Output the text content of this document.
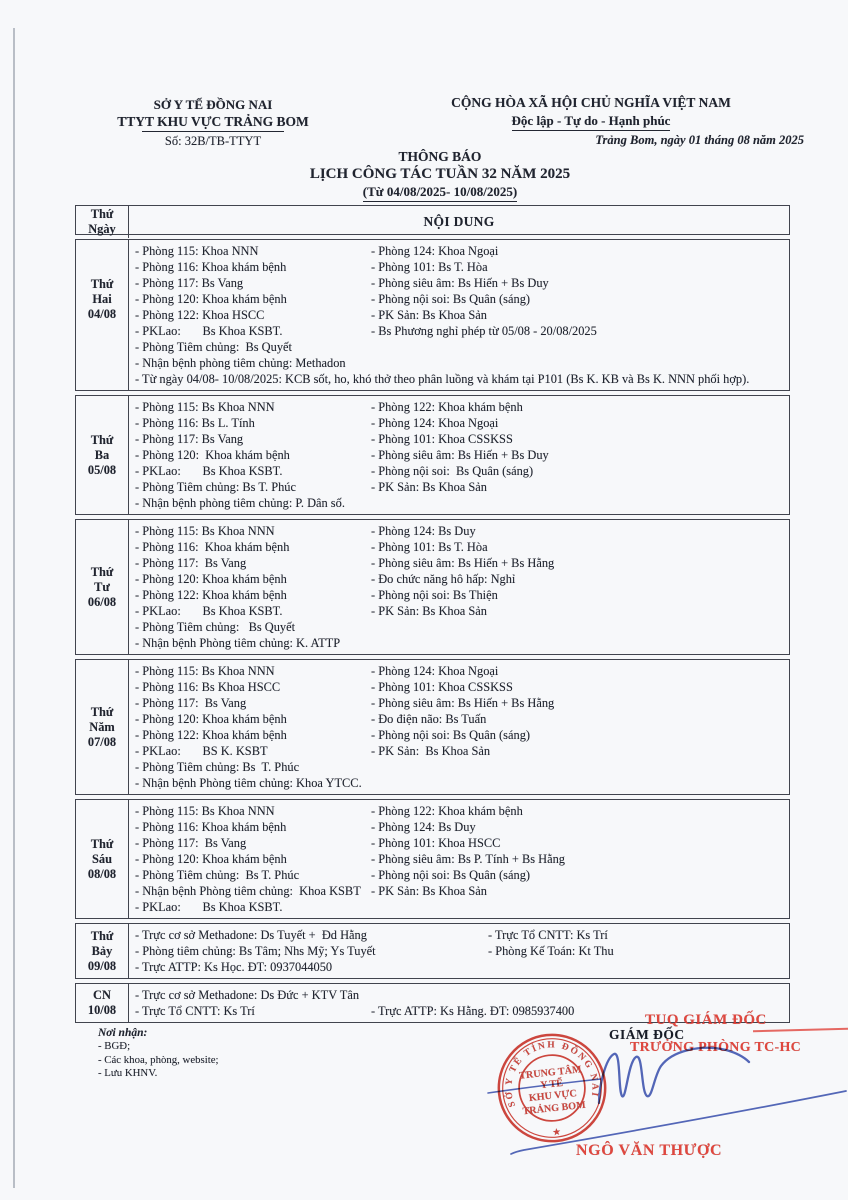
SỞ Y TẾ ĐỒNG NAI
TTYT KHU VỰC TRẢNG BOM
Số: 32B/TB-TTYT
CỘNG HÒA XÃ HỘI CHỦ NGHĨA VIỆT NAM
Độc lập - Tự do - Hạnh phúc
Trảng Bom, ngày 01 tháng 08 năm 2025
THÔNG BÁO
LỊCH CÔNG TÁC TUẦN 32 NĂM 2025
(Từ 04/08/2025- 10/08/2025)
Thứ
Ngày	NỘI DUNG
Thứ
Hai
04/08
- Phòng 115: Khoa NNN
- Phòng 116: Khoa khám bệnh
- Phòng 117: Bs Vang
- Phòng 120: Khoa khám bệnh
- Phòng 122: Khoa HSCC
- PKLao:       Bs Khoa KSBT.
- Phòng Tiêm chủng:  Bs Quyết
- Phòng 124: Khoa Ngoại
- Phòng 101: Bs T. Hòa
- Phòng siêu âm: Bs Hiến + Bs Duy
- Phòng nội soi: Bs Quân (sáng)
- PK Sản: Bs Khoa Sản
- Bs Phương nghỉ phép từ 05/08 - 20/08/2025
- Nhận bệnh phòng tiêm chủng: Methadon
- Từ ngày 04/08- 10/08/2025: KCB sốt, ho, khó thở theo phân luồng và khám tại P101 (Bs K. KB và Bs K. NNN phối hợp).
Thứ
Ba
05/08
- Phòng 115: Bs Khoa NNN
- Phòng 116: Bs L. Tính
- Phòng 117: Bs Vang
- Phòng 120:  Khoa khám bệnh
- PKLao:       Bs Khoa KSBT.
- Phòng Tiêm chủng: Bs T. Phúc
- Nhận bệnh phòng tiêm chủng: P. Dân số.
- Phòng 122: Khoa khám bệnh
- Phòng 124: Khoa Ngoại
- Phòng 101: Khoa CSSKSS
- Phòng siêu âm: Bs Hiến + Bs Duy
- Phòng nội soi:  Bs Quân (sáng)
- PK Sản: Bs Khoa Sản
Thứ
Tư
06/08
- Phòng 115: Bs Khoa NNN
- Phòng 116:  Khoa khám bệnh
- Phòng 117:  Bs Vang
- Phòng 120: Khoa khám bệnh
- Phòng 122: Khoa khám bệnh
- PKLao:       Bs Khoa KSBT.
- Phòng Tiêm chủng:   Bs Quyết
- Nhận bệnh Phòng tiêm chủng: K. ATTP
- Phòng 124: Bs Duy
- Phòng 101: Bs T. Hòa
- Phòng siêu âm: Bs Hiến + Bs Hằng
- Đo chức năng hô hấp: Nghỉ
- Phòng nội soi: Bs Thiện
- PK Sản: Bs Khoa Sản
Thứ
Năm
07/08
- Phòng 115: Bs Khoa NNN
- Phòng 116: Bs Khoa HSCC
- Phòng 117:  Bs Vang
- Phòng 120: Khoa khám bệnh
- Phòng 122: Khoa khám bệnh
- PKLao:       BS K. KSBT
- Phòng Tiêm chủng: Bs  T. Phúc
- Nhận bệnh Phòng tiêm chủng: Khoa YTCC.
- Phòng 124: Khoa Ngoại
- Phòng 101: Khoa CSSKSS
- Phòng siêu âm: Bs Hiến + Bs Hằng
- Đo điện não: Bs Tuấn
- Phòng nội soi: Bs Quân (sáng)
- PK Sản:  Bs Khoa Sản
Thứ
Sáu
08/08
- Phòng 115: Bs Khoa NNN
- Phòng 116: Khoa khám bệnh
- Phòng 117:  Bs Vang
- Phòng 120: Khoa khám bệnh
- Phòng Tiêm chủng:  Bs T. Phúc
- Nhận bệnh Phòng tiêm chủng:  Khoa KSBT
- PKLao:       Bs Khoa KSBT.
- Phòng 122: Khoa khám bệnh
- Phòng 124: Bs Duy
- Phòng 101: Khoa HSCC
- Phòng siêu âm: Bs P. Tính + Bs Hằng
- Phòng nội soi: Bs Quân (sáng)
- PK Sản: Bs Khoa Sản
Thứ
Bảy
09/08
- Trực cơ sở Methadone: Ds Tuyết +  Đd Hằng
- Phòng tiêm chủng: Bs Tâm; Nhs Mỹ; Ys Tuyết
- Trực ATTP: Ks Học. ĐT: 0937044050
- Trực Tổ CNTT: Ks Trí
- Phòng Kế Toán: Kt Thu
CN
10/08
- Trực cơ sở Methadone: Ds Đức + KTV Tân
- Trực Tổ CNTT: Ks Trí	- Trực ATTP: Ks Hằng. ĐT: 0985937400
Nơi nhận:
- BGĐ;
- Các khoa, phòng, website;
- Lưu KHNV.
GIÁM ĐỐC
TUQ GIÁM ĐỐC
TRƯỞNG PHÒNG TC-HC
NGÔ VĂN THƯỢC
SỞ Y TẾ TỈNH ĐỒNG NAI
★
TRUNG TÂM
Y TẾ
KHU VỰC
TRẢNG BOM
